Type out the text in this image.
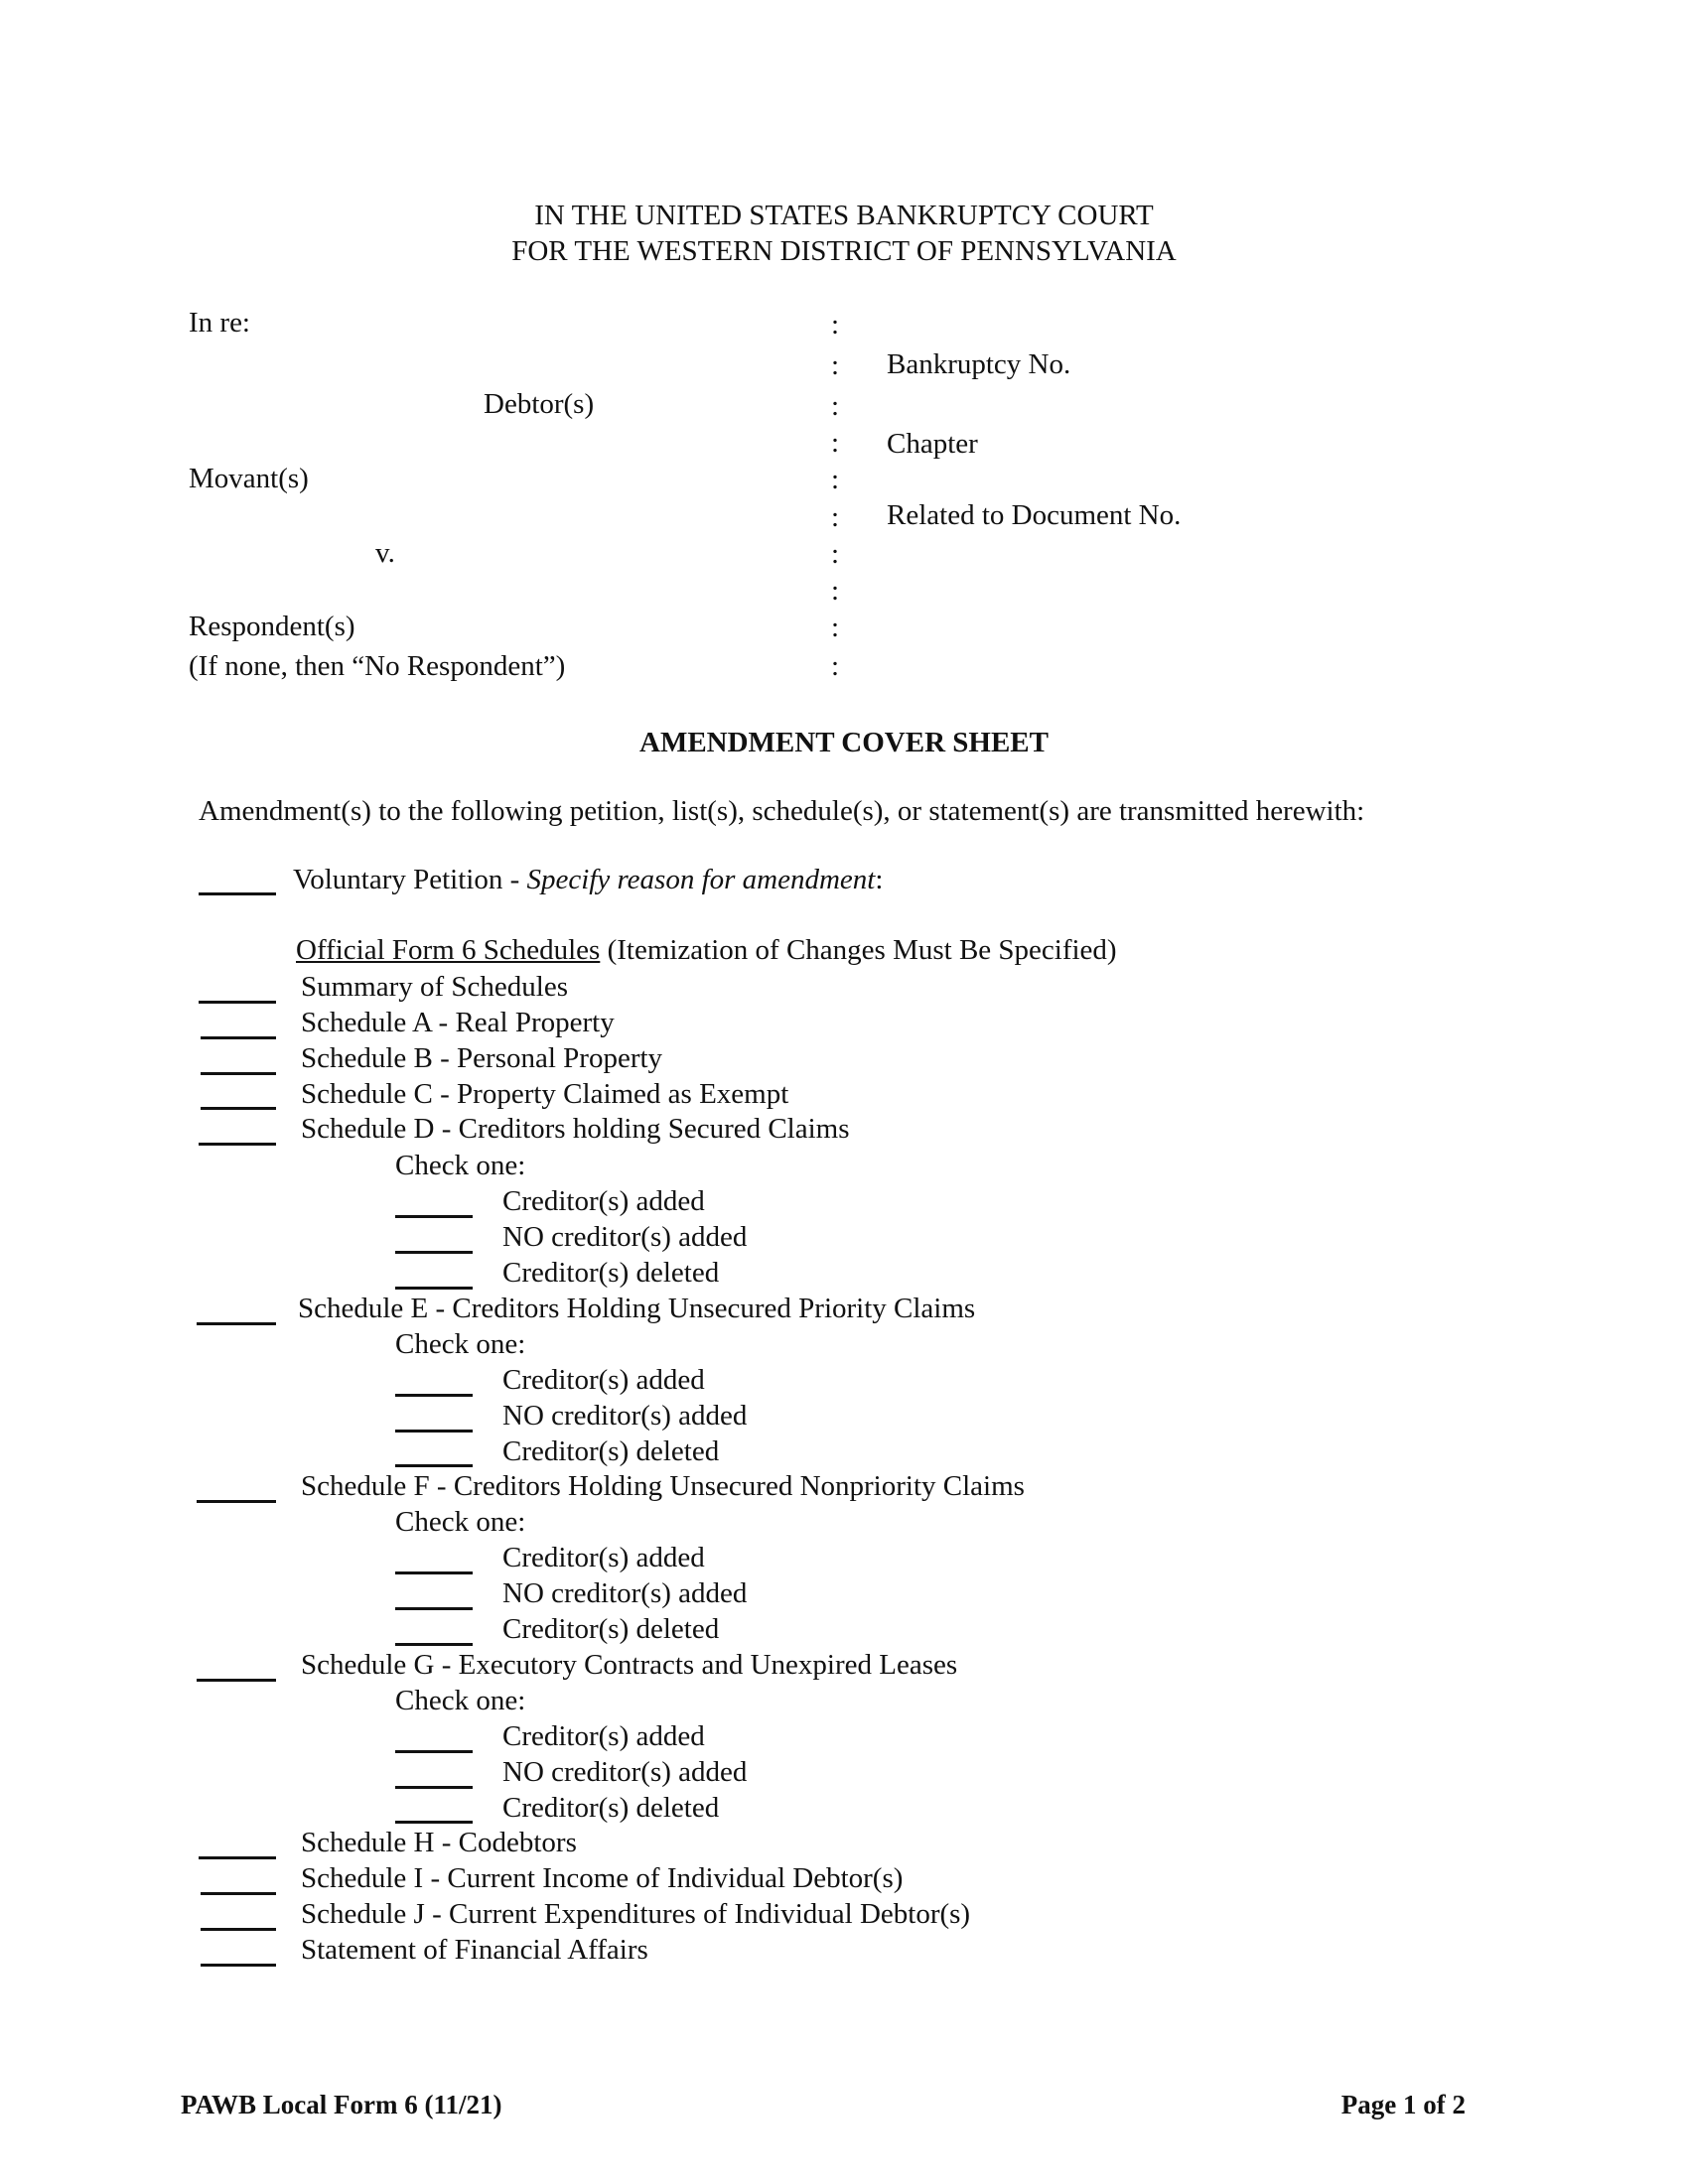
IN THE UNITED STATES BANKRUPTCY COURT
FOR THE WESTERN DISTRICT OF PENNSYLVANIA
In re:
Debtor(s)
Movant(s)
v.
Respondent(s)
(If none, then “No Respondent”)
:
:
:
:
:
:
:
:
:
:
Bankruptcy No.
Chapter
Related to Document No.
AMENDMENT COVER SHEET
Amendment(s) to the following petition, list(s), schedule(s), or statement(s) are transmitted herewith:
Voluntary Petition - Specify reason for amendment:
Official Form 6 Schedules (Itemization of Changes Must Be Specified)
Summary of Schedules
Schedule A - Real Property
Schedule B - Personal Property
Schedule C - Property Claimed as Exempt
Schedule D - Creditors holding Secured Claims
Check one:
Creditor(s) added
NO creditor(s) added
Creditor(s) deleted
Schedule E - Creditors Holding Unsecured Priority Claims
Check one:
Creditor(s) added
NO creditor(s) added
Creditor(s) deleted
Schedule F - Creditors Holding Unsecured Nonpriority Claims
Check one:
Creditor(s) added
NO creditor(s) added
Creditor(s) deleted
Schedule G - Executory Contracts and Unexpired Leases
Check one:
Creditor(s) added
NO creditor(s) added
Creditor(s) deleted
Schedule H - Codebtors
Schedule I - Current Income of Individual Debtor(s)
Schedule J - Current Expenditures of Individual Debtor(s)
Statement of Financial Affairs
PAWB Local Form 6 (11/21)	Page 1 of 2
